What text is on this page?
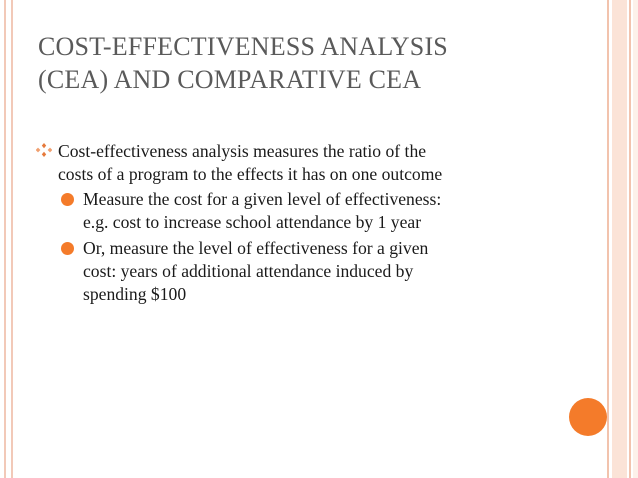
COST-EFFECTIVENESS ANALYSIS
(CEA) AND COMPARATIVE CEA
Cost-effectiveness analysis measures the ratio of the
costs of a program to the effects it has on one outcome
Measure the cost for a given level of effectiveness:
e.g. cost to increase school attendance by 1 year
Or, measure the level of effectiveness for a given
cost: years of additional attendance induced by
spending $100
